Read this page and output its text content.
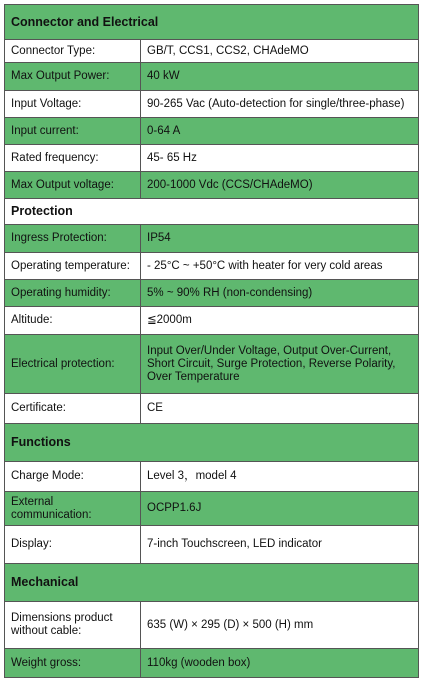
Connector and Electrical	
Connector Type:	GB/T, CCS1, CCS2, CHAdeMO
Max Output Power:	40 kW
Input Voltage:	90-265 Vac (Auto-detection for single/three-phase)
Input current:	0-64 A
Rated frequency:	45- 65 Hz
Max Output voltage:	200-1000 Vdc (CCS/CHAdeMO)
Protection	
Ingress Protection:	IP54
Operating temperature:	- 25°C ~ +50°C with heater for very cold areas
Operating humidity:	5% ~ 90% RH (non-condensing)
Altitude:	≦2000m
Electrical protection:	Input Over/Under Voltage, Output Over-Current, Short Circuit, Surge Protection, Reverse Polarity, Over Temperature
Certificate:	CE
Functions	
Charge Mode:	Level 3，model 4
External communication:	OCPP1.6J
Display:	7-inch Touchscreen, LED indicator
Mechanical	
Dimensions product without cable:	635 (W) × 295 (D) × 500 (H) mm
Weight gross:	110kg (wooden box)
